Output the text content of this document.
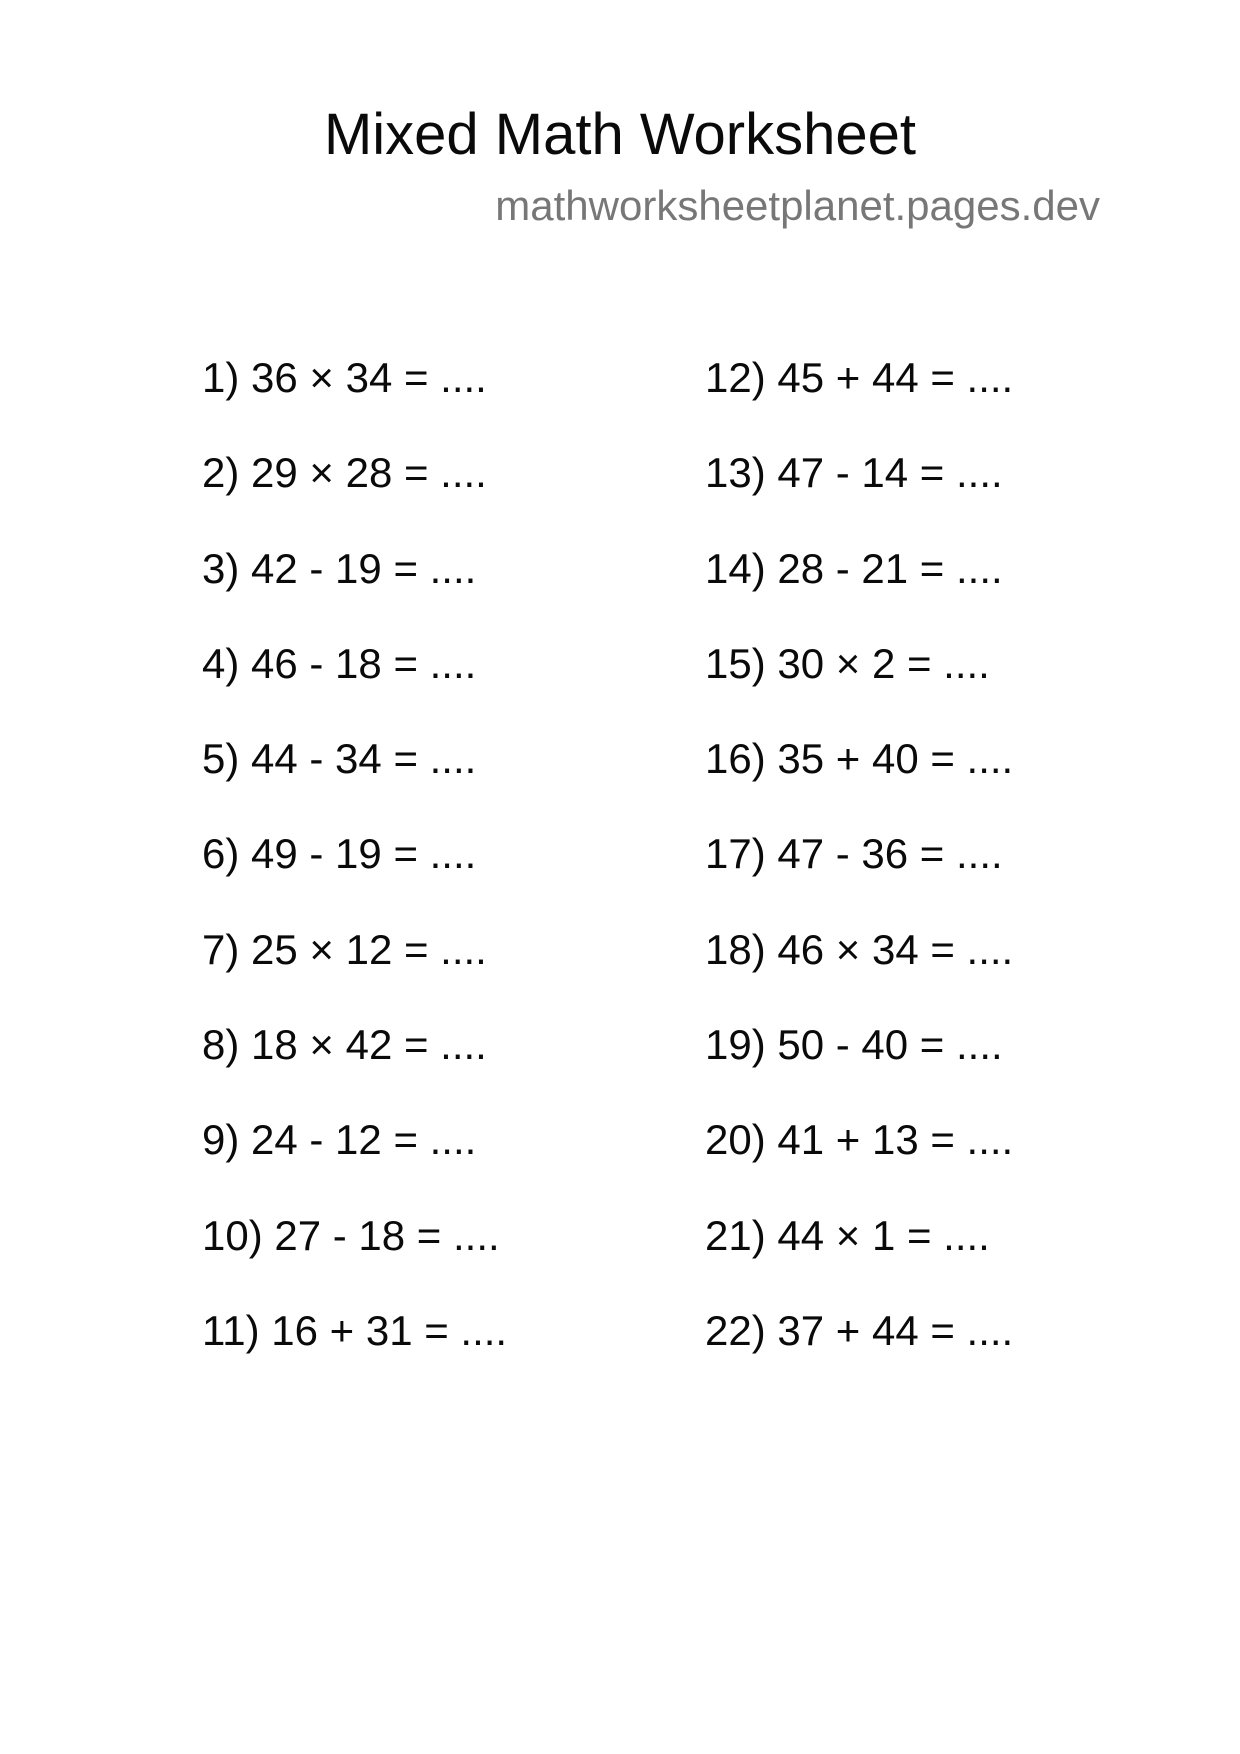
Mixed Math Worksheet
mathworksheetplanet.pages.dev
1) 36 × 34 = ....
2) 29 × 28 = ....
3) 42 - 19 = ....
4) 46 - 18 = ....
5) 44 - 34 = ....
6) 49 - 19 = ....
7) 25 × 12 = ....
8) 18 × 42 = ....
9) 24 - 12 = ....
10) 27 - 18 = ....
11) 16 + 31 = ....
12) 45 + 44 = ....
13) 47 - 14 = ....
14) 28 - 21 = ....
15) 30 × 2 = ....
16) 35 + 40 = ....
17) 47 - 36 = ....
18) 46 × 34 = ....
19) 50 - 40 = ....
20) 41 + 13 = ....
21) 44 × 1 = ....
22) 37 + 44 = ....
